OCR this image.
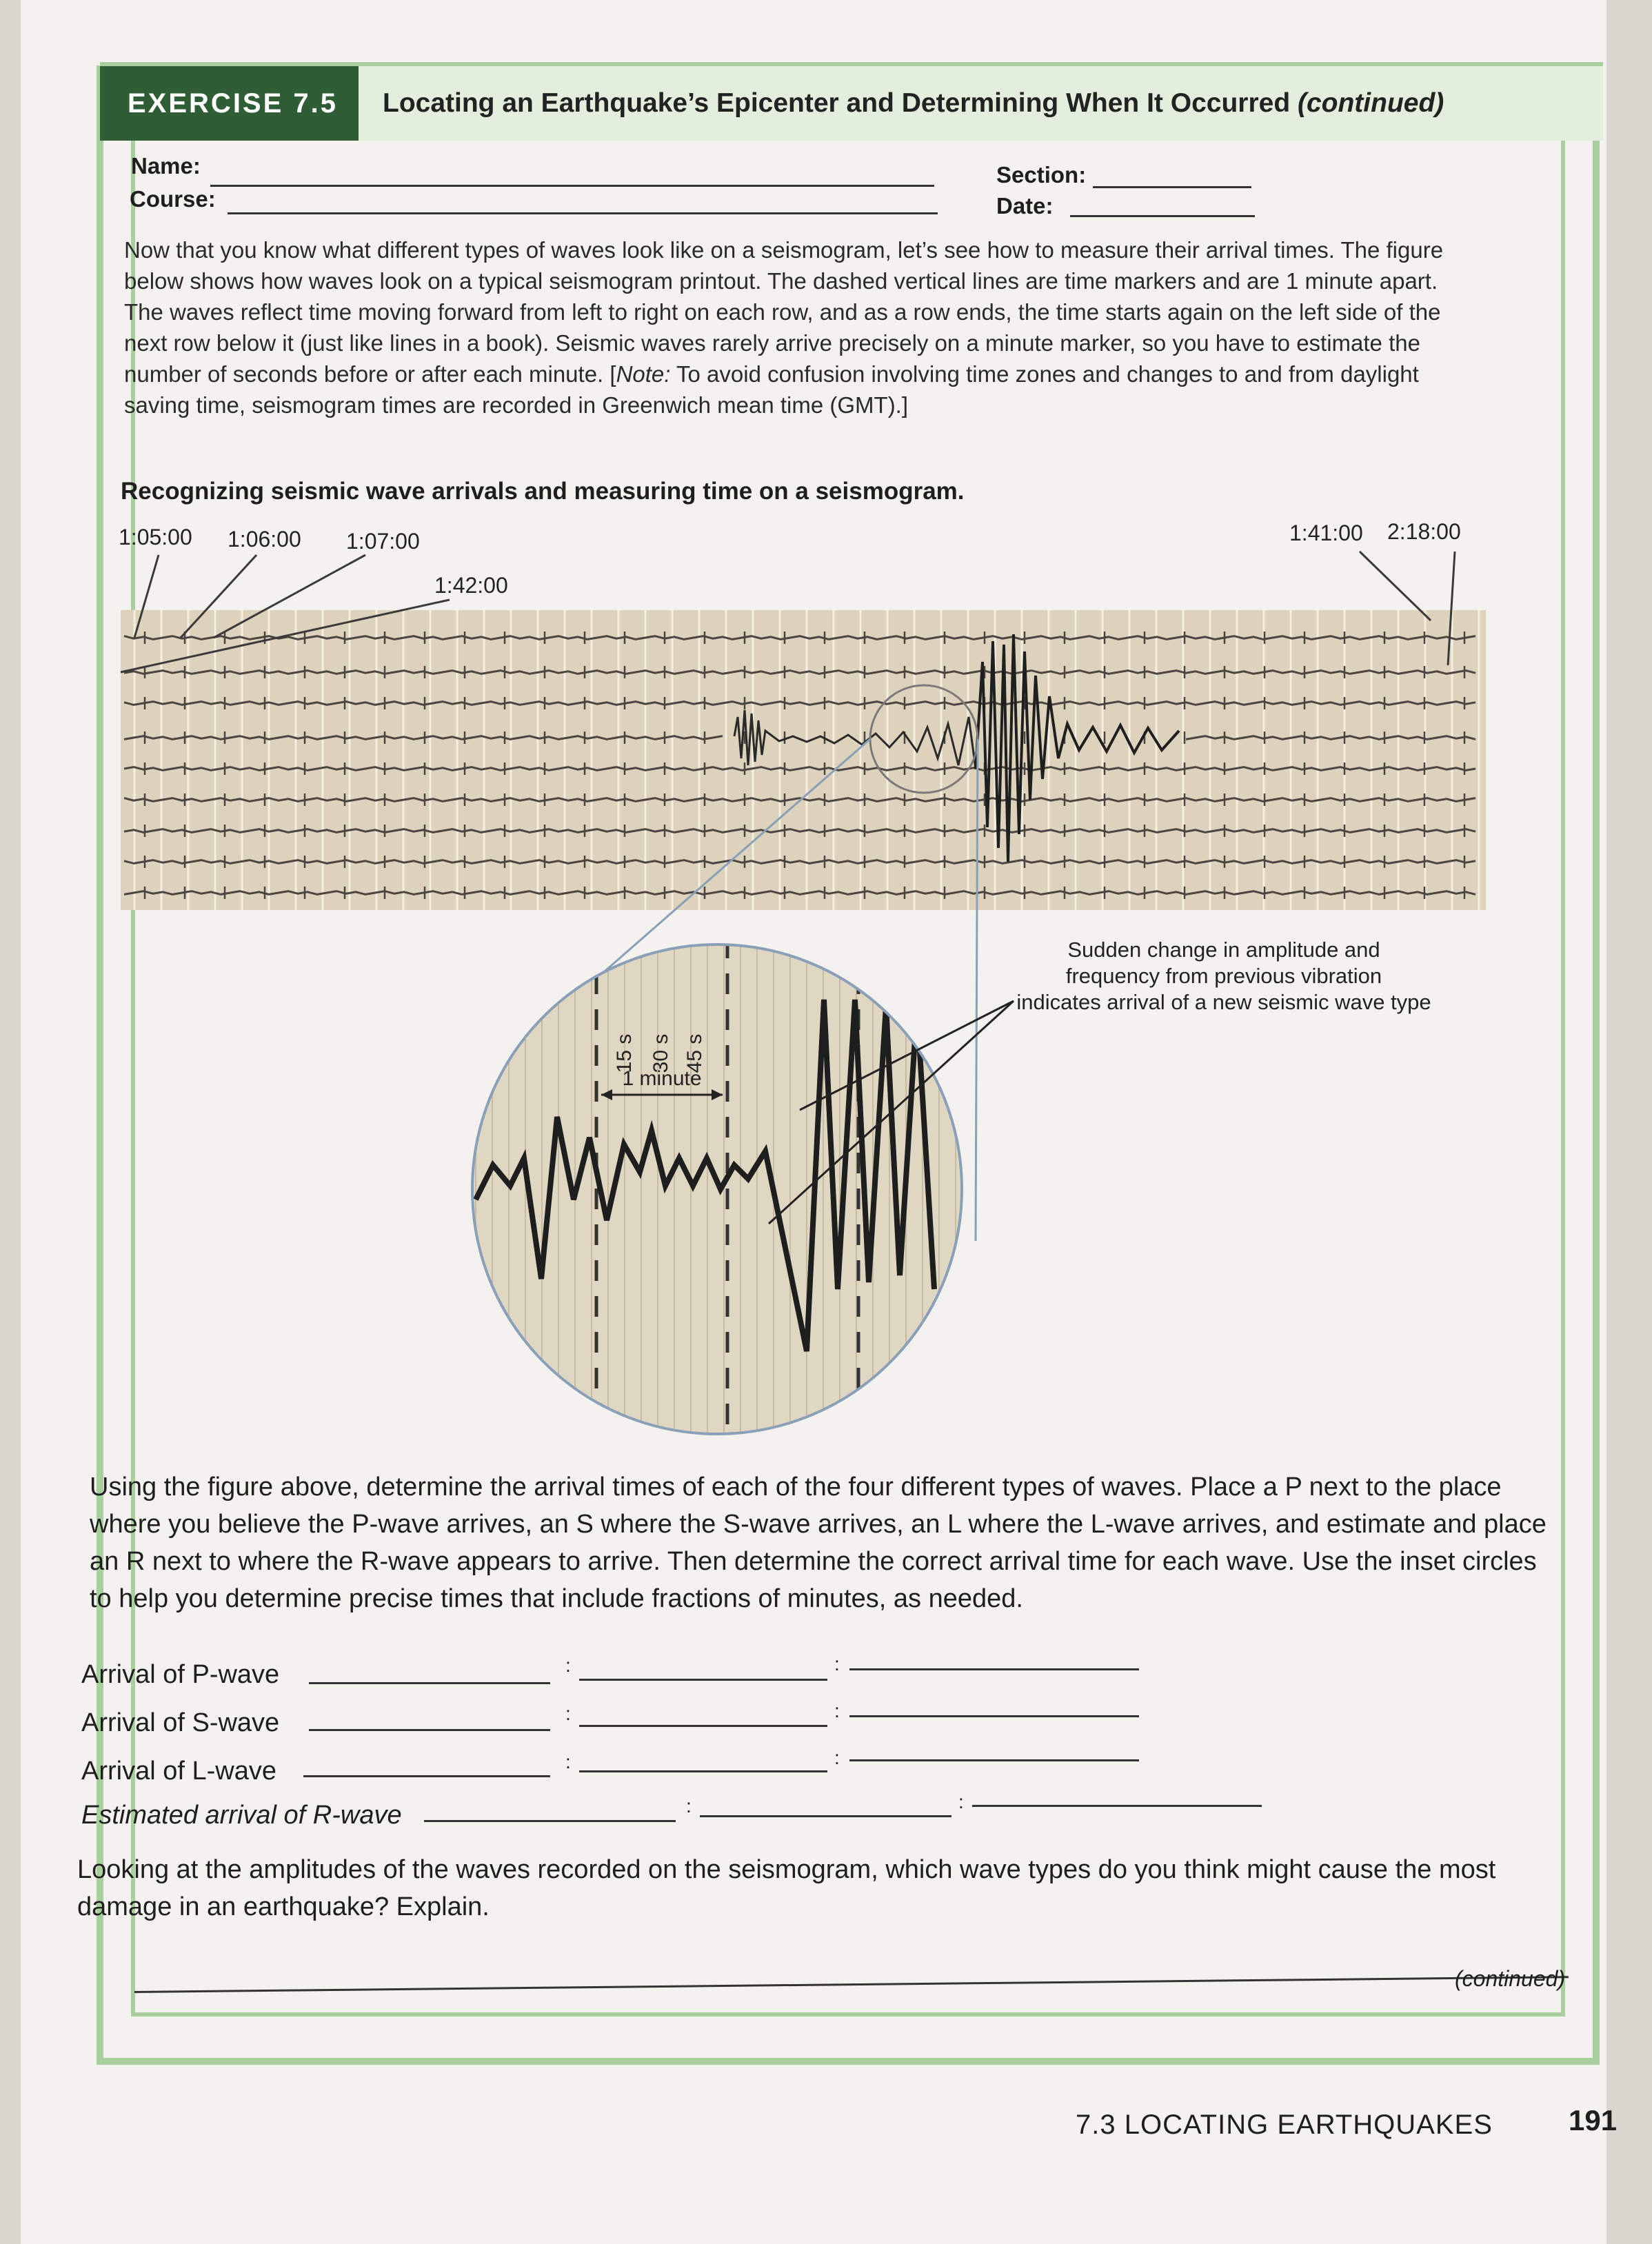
EXERCISE 7.5	Locating an Earthquake’s Epicenter and Determining When It Occurred (continued)
Name:
Course:
Section:
Date:

Now that you know what different types of waves look like on a seismogram, let’s see how to measure their arrival times. The figure below shows how waves look on a typical seismogram printout. The dashed vertical lines are time markers and are 1 minute apart. The waves reflect time moving forward from left to right on each row, and as a row ends, the time starts again on the left side of the next row below it (just like lines in a book). Seismic waves rarely arrive precisely on a minute marker, so you have to estimate the number of seconds before or after each minute. [Note: To avoid confusion involving time zones and changes to and from daylight saving time, seismogram times are recorded in Greenwich mean time (GMT).]

Recognizing seismic wave arrivals and measuring time on a seismogram.
15 s 30 s 45 s
1 minute
1:05:00 1:06:00 1:07:00
1:42:00
1:41:00 2:18:00
Sudden change in amplitude and
frequency from previous vibration
indicates arrival of a new seismic wave type

Using the figure above, determine the arrival times of each of the four different types of waves. Place a P next to the place where you believe the P-wave arrives, an S where the S-wave arrives, an L where the L-wave arrives, and estimate and place an R next to where the R-wave appears to arrive. Then determine the correct arrival time for each wave. Use the inset circles to help you determine precise times that include fractions of minutes, as needed.

Arrival of P-wave	:	:
Arrival of S-wave	:	:
Arrival of L-wave	:	:
Estimated arrival of R-wave	:	:

Looking at the amplitudes of the waves recorded on the seismogram, which wave types do you think might cause the most damage in an earthquake? Explain.

(continued)
7.3 LOCATING EARTHQUAKES	191
